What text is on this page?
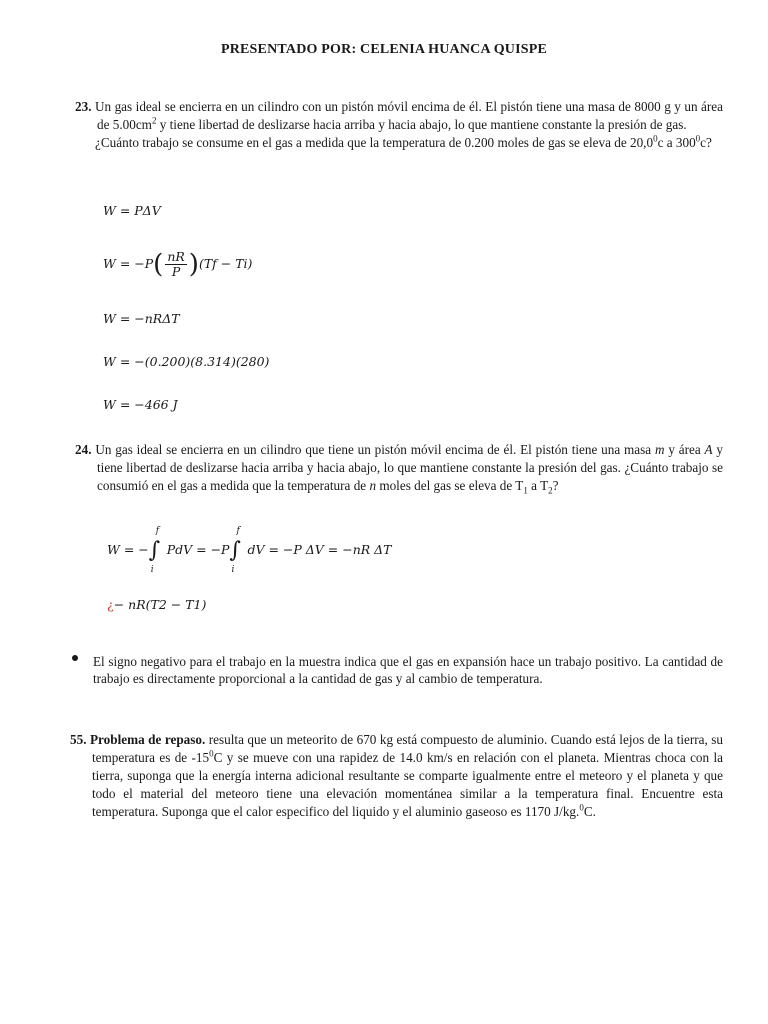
PRESENTADO POR: CELENIA HUANCA QUISPE

23. Un gas ideal se encierra en un cilindro con un pistón móvil encima de él. El pistón tiene una masa de 8000 g y un área de $5.00cm^2$ y tiene libertad de deslizarse hacia arriba y hacia abajo, lo que mantiene constante la presión de gas.

¿Cuánto trabajo se consume en el gas a medida que la temperatura de 0.200 moles de gas se eleva de 20,0$^0$c a $300^0c$?

W = PΔV
$W = -P( \frac{nR}{P} )(Tf - Ti)$
W = −nRΔT
W = −(0.200)(8.314)(280)
W = −466 J

24. Un gas ideal se encierra en un cilindro que tiene un pistón móvil encima de él. El pistón tiene una masa m y área A y tiene libertad de deslizarse hacia arriba y hacia abajo, lo que mantiene constante la presión del gas. ¿Cuánto trabajo se consumió en el gas a medida que la temperatura de n moles del gas se eleva de $T_1$ a $T_2$?

W = −∫
f
i
PdV = −P∫
f
i
dV = −P ΔV = −nR ΔT
¿− nR(T2 − T1)
El signo negativo para el trabajo en la muestra indica que el gas en expansión hace un trabajo positivo. La cantidad de trabajo es directamente proporcional a la cantidad de gas y al cambio de temperatura.

55. Problema de repaso. resulta que un meteorito de 670 kg está compuesto de aluminio. Cuando está lejos de la tierra, su temperatura es de $-15^0C$ y se mueve con una rapidez de 14.0 km/s en relación con el planeta. Mientras choca con la tierra, suponga que la energía interna adicional resultante se comparte igualmente entre el meteoro y el planeta y que todo el material del meteoro tiene una elevación momentánea similar a la temperatura final. Encuentre esta temperatura. Suponga que el calor especifico del liquido y el aluminio gaseoso es 1170 J/kg.$^0$C.
